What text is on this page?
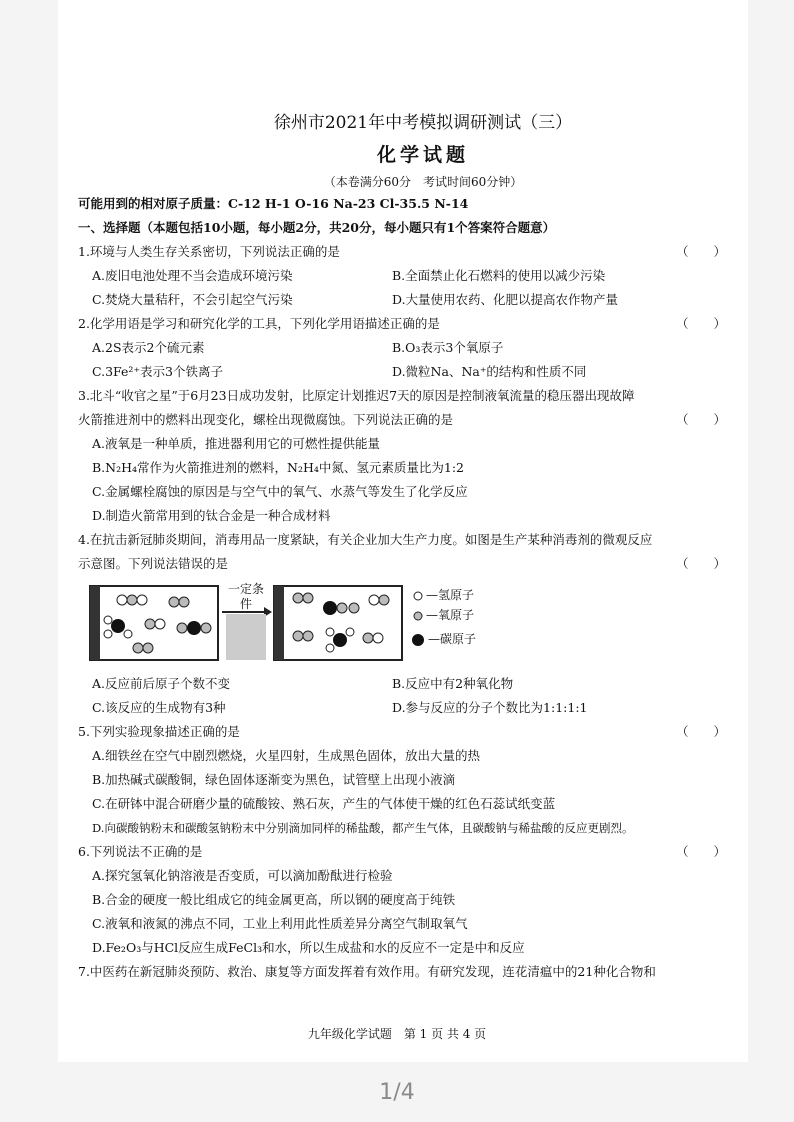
徐州市2021年中考模拟调研测试（三）
化学试题
（本卷满分60分　考试时间60分钟）
可能用到的相对原子质量：C-12 H-1 O-16 Na-23 Cl-35.5 N-14
一、选择题（本题包括10小题，每小题2分，共20分，每小题只有1个答案符合题意）
1.环境与人类生存关系密切，下列说法正确的是	（　　）
A.废旧电池处理不当会造成环境污染	B.全面禁止化石燃料的使用以减少污染
C.焚烧大量秸秆，不会引起空气污染	D.大量使用农药、化肥以提高农作物产量
2.化学用语是学习和研究化学的工具，下列化学用语描述正确的是	（　　）
A.2S表示2个硫元素	B.O₃表示3个氧原子
C.3Fe²⁺表示3个铁离子	D.微粒Na、Na⁺的结构和性质不同
3.北斗“收官之星”于6月23日成功发射，比原定计划推迟7天的原因是控制液氧流量的稳压器出现故障
火箭推进剂中的燃料出现变化，螺栓出现微腐蚀。下列说法正确的是	（　　）
A.液氧是一种单质，推进器利用它的可燃性提供能量
B.N₂H₄常作为火箭推进剂的燃料，N₂H₄中氮、氢元素质量比为1:2
C.金属螺栓腐蚀的原因是与空气中的氧气、水蒸气等发生了化学反应
D.制造火箭常用到的钛合金是一种合成材料
4.在抗击新冠肺炎期间，消毒用品一度紧缺，有关企业加大生产力度。如图是生产某种消毒剂的微观反应
示意图。下列说法错误的是	（　　）
一定条件
—氢原子
—氧原子
—碳原子
A.反应前后原子个数不变	B.反应中有2种氧化物
C.该反应的生成物有3种	D.参与反应的分子个数比为1:1:1:1
5.下列实验现象描述正确的是	（　　）
A.细铁丝在空气中剧烈燃烧，火星四射，生成黑色固体，放出大量的热
B.加热碱式碳酸铜，绿色固体逐渐变为黑色，试管壁上出现小液滴
C.在研钵中混合研磨少量的硫酸铵、熟石灰，产生的气体使干燥的红色石蕊试纸变蓝
D.向碳酸钠粉末和碳酸氢钠粉末中分别滴加同样的稀盐酸，都产生气体，且碳酸钠与稀盐酸的反应更剧烈。
6.下列说法不正确的是	（　　）
A.探究氢氧化钠溶液是否变质，可以滴加酚酞进行检验
B.合金的硬度一般比组成它的纯金属更高，所以钢的硬度高于纯铁
C.液氧和液氮的沸点不同，工业上利用此性质差异分离空气制取氧气
D.Fe₂O₃与HCl反应生成FeCl₃和水，所以生成盐和水的反应不一定是中和反应
7.中医药在新冠肺炎预防、救治、康复等方面发挥着有效作用。有研究发现，连花清瘟中的21种化合物和
九年级化学试题　第 1 页 共 4 页
1/4
